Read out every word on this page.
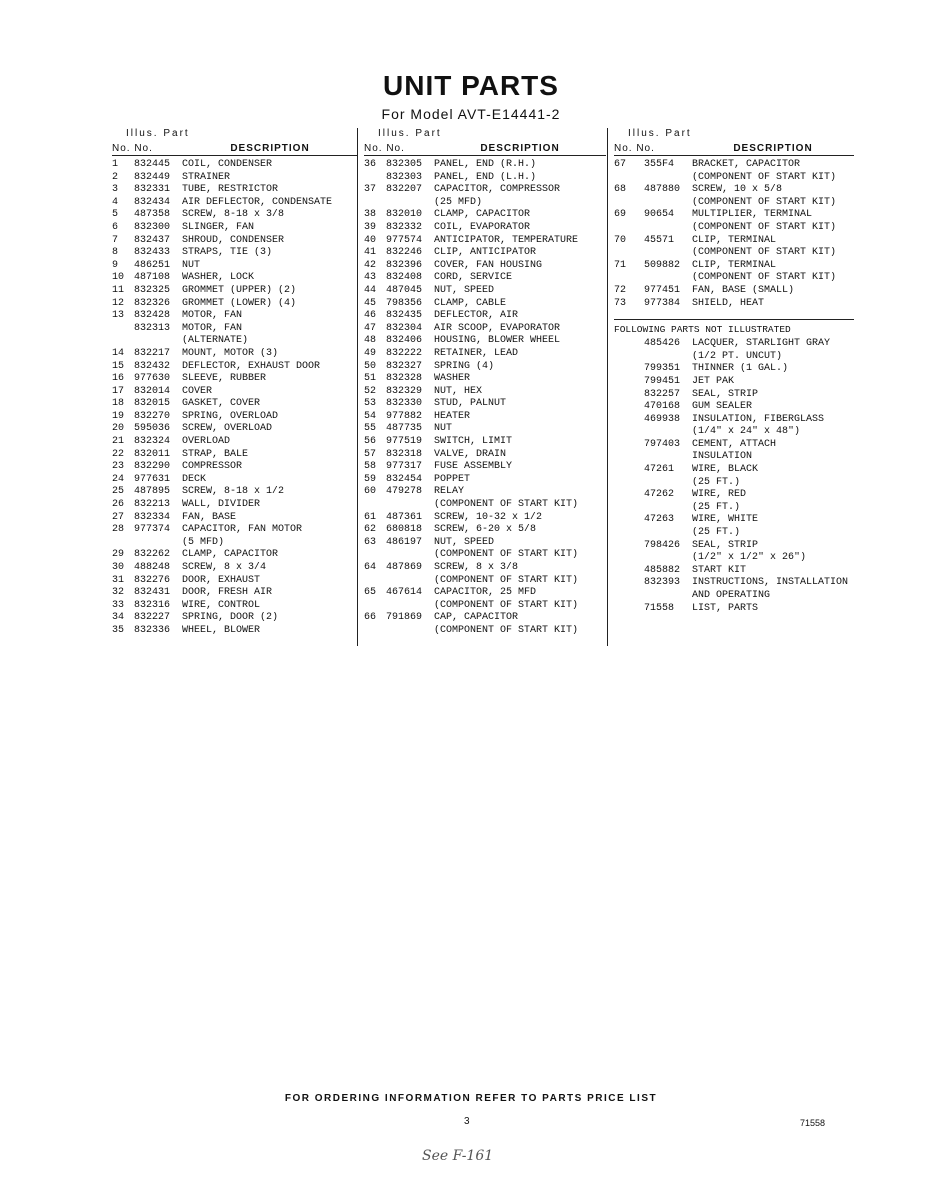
UNIT PARTS
For Model AVT-E14441-2
Illus. Part
No. No.	DESCRIPTION
1	832445	COIL, CONDENSER
2	832449	STRAINER
3	832331	TUBE, RESTRICTOR
4	832434	AIR DEFLECTOR, CONDENSATE
5	487358	SCREW, 8-18 x 3/8
6	832300	SLINGER, FAN
7	832437	SHROUD, CONDENSER
8	832433	STRAPS, TIE (3)
9	486251	NUT
10 487108	WASHER, LOCK
11 832325	GROMMET (UPPER) (2)
12 832326	GROMMET (LOWER) (4)
13 832428	MOTOR, FAN
832313	MOTOR, FAN
(ALTERNATE)
14 832217	MOUNT, MOTOR (3)
15 832432	DEFLECTOR, EXHAUST DOOR
16 977630	SLEEVE, RUBBER
17 832014	COVER
18 832015	GASKET, COVER
19 832270	SPRING, OVERLOAD
20 595036	SCREW, OVERLOAD
21 832324	OVERLOAD
22 832011	STRAP, BALE
23 832290	COMPRESSOR
24 977631	DECK
25 487895	SCREW, 8-18 x 1/2
26 832213	WALL, DIVIDER
27 832334	FAN, BASE
28 977374	CAPACITOR, FAN MOTOR
(5 MFD)
29 832262	CLAMP, CAPACITOR
30 488248	SCREW, 8 x 3/4
31 832276	DOOR, EXHAUST
32 832431	DOOR, FRESH AIR
33 832316	WIRE, CONTROL
34 832227	SPRING, DOOR (2)
35 832336	WHEEL, BLOWER
Illus. Part
No. No.	DESCRIPTION
36 832305	PANEL, END (R.H.)
832303	PANEL, END (L.H.)
37 832207	CAPACITOR, COMPRESSOR
(25 MFD)
38 832010	CLAMP, CAPACITOR
39 832332	COIL, EVAPORATOR
40 977574	ANTICIPATOR, TEMPERATURE
41 832246	CLIP, ANTICIPATOR
42 832396	COVER, FAN HOUSING
43 832408	CORD, SERVICE
44 487045	NUT, SPEED
45 798356	CLAMP, CABLE
46 832435	DEFLECTOR, AIR
47 832304	AIR SCOOP, EVAPORATOR
48 832406	HOUSING, BLOWER WHEEL
49 832222	RETAINER, LEAD
50 832327	SPRING (4)
51 832328	WASHER
52 832329	NUT, HEX
53 832330	STUD, PALNUT
54 977882	HEATER
55 487735	NUT
56 977519	SWITCH, LIMIT
57 832318	VALVE, DRAIN
58 977317	FUSE ASSEMBLY
59 832454	POPPET
60 479278	RELAY
(COMPONENT OF START KIT)
61 487361	SCREW, 10-32 x 1/2
62 680818	SCREW, 6-20 x 5/8
63 486197	NUT, SPEED
(COMPONENT OF START KIT)
64 487869	SCREW, 8 x 3/8
(COMPONENT OF START KIT)
65 467614	CAPACITOR, 25 MFD
(COMPONENT OF START KIT)
66 791869	CAP, CAPACITOR
(COMPONENT OF START KIT)
Illus. Part
No. No.	DESCRIPTION
67	355F4	BRACKET, CAPACITOR
(COMPONENT OF START KIT)
68	487880	SCREW, 10 x 5/8
(COMPONENT OF START KIT)
69	90654	MULTIPLIER, TERMINAL
(COMPONENT OF START KIT)
70	45571	CLIP, TERMINAL
(COMPONENT OF START KIT)
71	509882	CLIP, TERMINAL
(COMPONENT OF START KIT)
72	977451	FAN, BASE (SMALL)
73	977384	SHIELD, HEAT
FOLLOWING PARTS NOT ILLUSTRATED
485426	LACQUER, STARLIGHT GRAY
(1/2 PT. UNCUT)
799351	THINNER (1 GAL.)
799451	JET PAK
832257	SEAL, STRIP
470168	GUM SEALER
469938	INSULATION, FIBERGLASS
(1/4" x 24" x 48")
797403	CEMENT, ATTACH
INSULATION
47261	WIRE, BLACK
(25 FT.)
47262	WIRE, RED
(25 FT.)
47263	WIRE, WHITE
(25 FT.)
798426	SEAL, STRIP
(1/2" x 1/2" x 26")
485882	START KIT
832393	INSTRUCTIONS, INSTALLATION
AND OPERATING
71558	LIST, PARTS
FOR ORDERING INFORMATION REFER TO PARTS PRICE LIST
3	71558
See F-161
